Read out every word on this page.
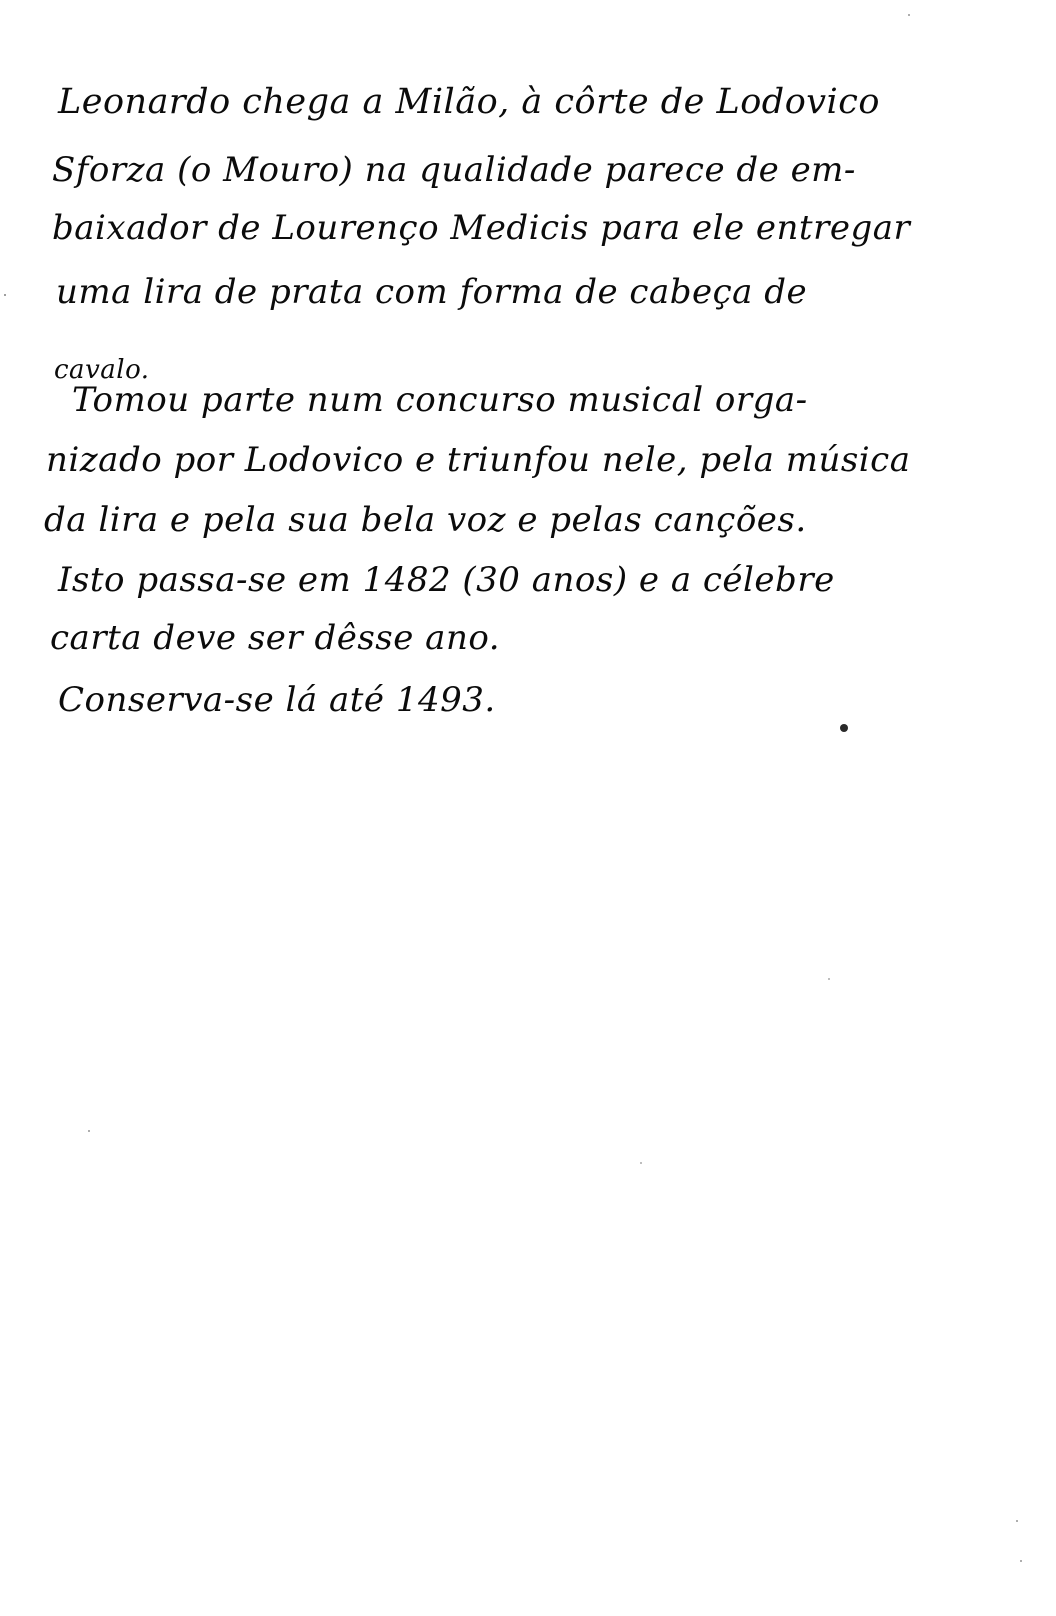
Leonardo chega a Milão, à côrte de Lodovico

Sforza (o Mouro) na qualidade parece de em-

baixador de Lourenço Medicis para ele entregar

uma lira de prata com forma de cabeça de

cavalo.

Tomou parte num concurso musical orga-

nizado por Lodovico e triunfou nele, pela música

da lira e pela sua bela voz e pelas canções.

Isto passa-se em 1482 (30 anos) e a célebre

carta deve ser dêsse ano.

Conserva-se lá até 1493.
